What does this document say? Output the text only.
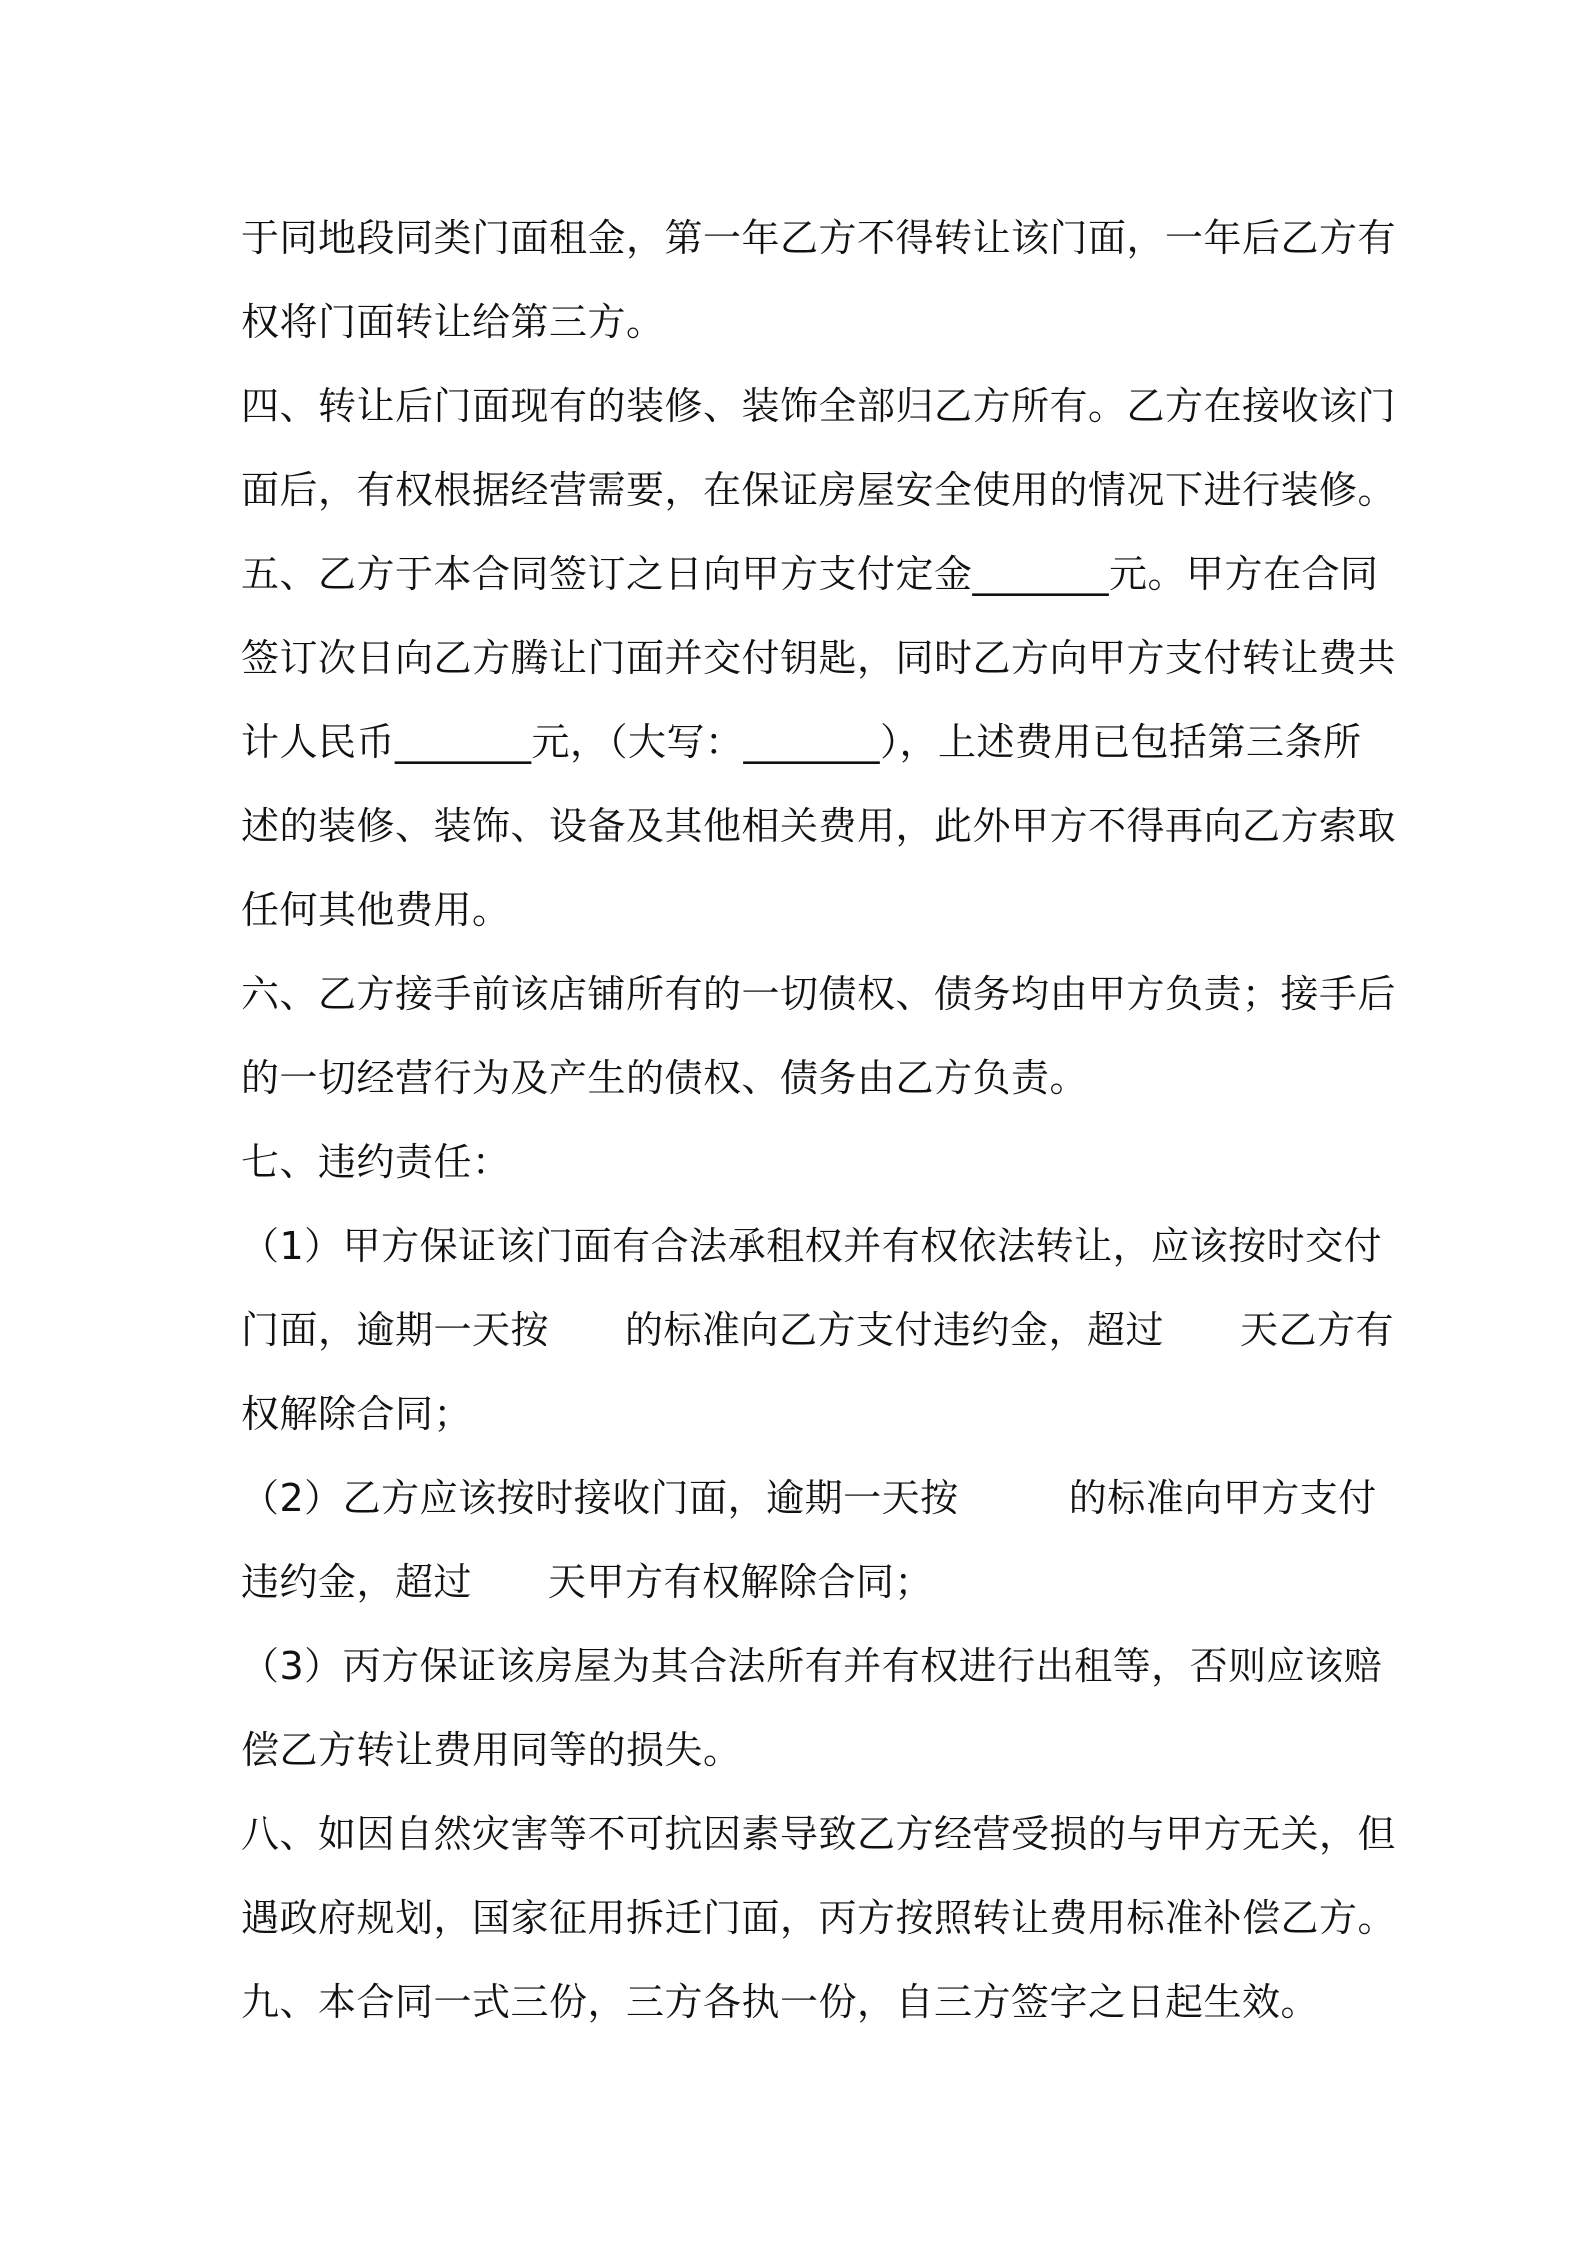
于同地段同类门面租金，第一年乙方不得转让该门面，一年后乙方有
权将门面转让给第三方。
四、转让后门面现有的装修、装饰全部归乙方所有。乙方在接收该门
面后，有权根据经营需要，在保证房屋安全使用的情况下进行装修。
五、乙方于本合同签订之日向甲方支付定金_______元。甲方在合同
签订次日向乙方腾让门面并交付钥匙，同时乙方向甲方支付转让费共
计人民币_______元，（大写：_______），上述费用已包括第三条所
述的装修、装饰、设备及其他相关费用，此外甲方不得再向乙方索取
任何其他费用。
六、乙方接手前该店铺所有的一切债权、债务均由甲方负责；接手后
的一切经营行为及产生的债权、债务由乙方负责。
七、违约责任：
（1）甲方保证该门面有合法承租权并有权依法转让，应该按时交付
门面，逾期一天按 的标准向乙方支付违约金，超过 天乙方有
权解除合同；
（2）乙方应该按时接收门面，逾期一天按	的标准向甲方支付
违约金，超过 天甲方有权解除合同；
（3）丙方保证该房屋为其合法所有并有权进行出租等，否则应该赔
偿乙方转让费用同等的损失。
八、如因自然灾害等不可抗因素导致乙方经营受损的与甲方无关，但
遇政府规划，国家征用拆迁门面，丙方按照转让费用标准补偿乙方。
九、本合同一式三份，三方各执一份，自三方签字之日起生效。
